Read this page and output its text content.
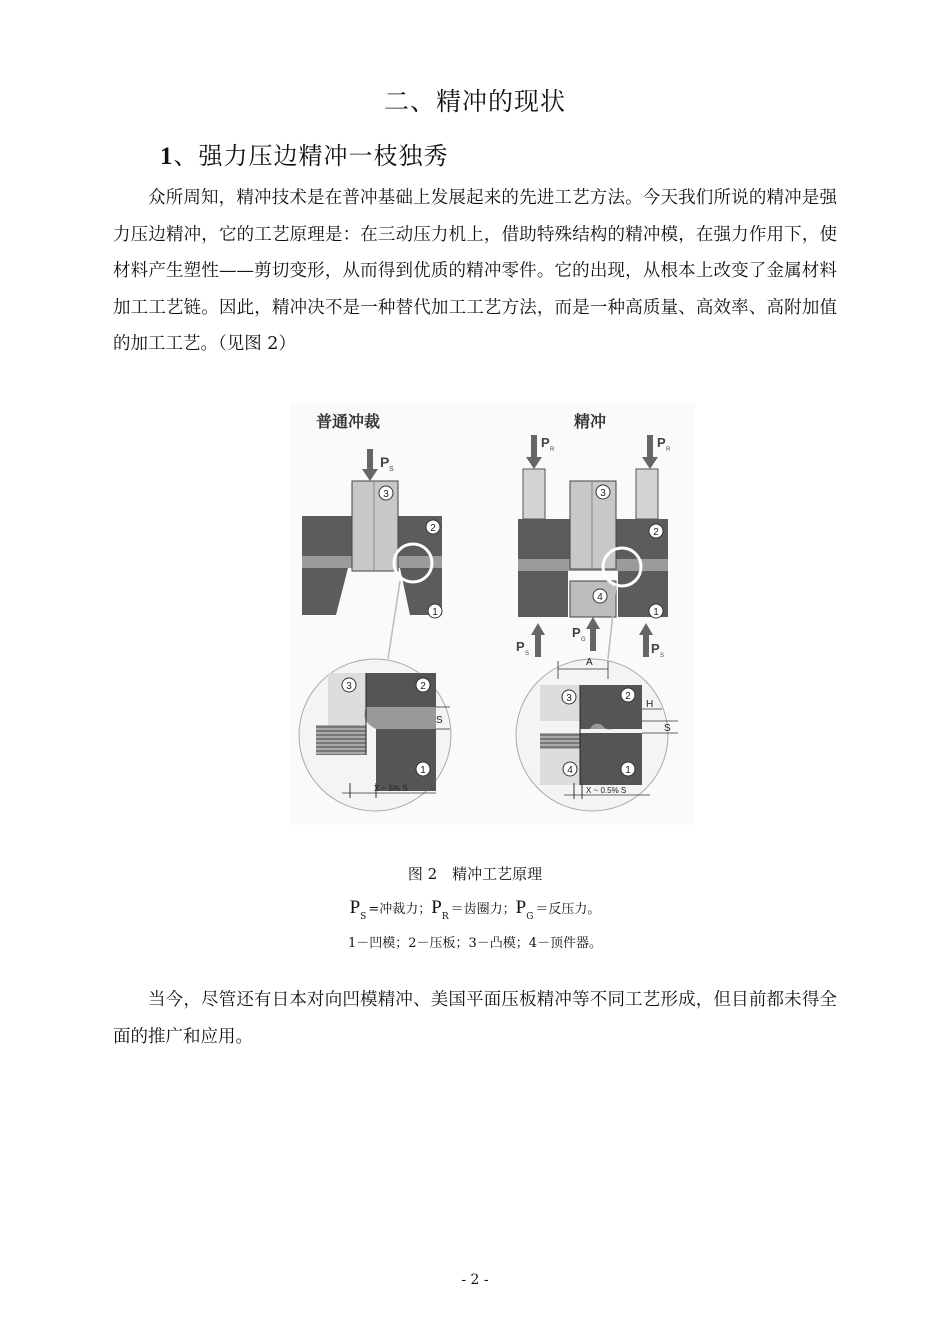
二、精冲的现状
1、强力压边精冲一枝独秀

众所周知，精冲技术是在普冲基础上发展起来的先进工艺方法。今天我们所说的精冲是强力压边精冲，它的工艺原理是：在三动压力机上，借助特殊结构的精冲模，在强力作用下，使材料产生塑性——剪切变形，从而得到优质的精冲零件。它的出现，从根本上改变了金属材料加工工艺链。因此，精冲决不是一种替代加工工艺方法，而是一种高质量、高效率、高附加值的加工工艺。（见图 2）

普通冲裁
P S
3
2
1
3	2
1
S
X ~ 5% S
精冲
P R	P R
3
2
4
1
P S
P G
P S
3	2
4	1
A
H
S
X ~ 0.5% S
图 2　精冲工艺原理
$P_S$ =冲裁力；$P_R$ ＝齿圈力；$P_G$ ＝反压力。
1－凹模；2－压板；3－凸模；4－顶件器。

当今，尽管还有日本对向凹模精冲、美国平面压板精冲等不同工艺形成，但目前都未得全面的推广和应用。

- 2 -
